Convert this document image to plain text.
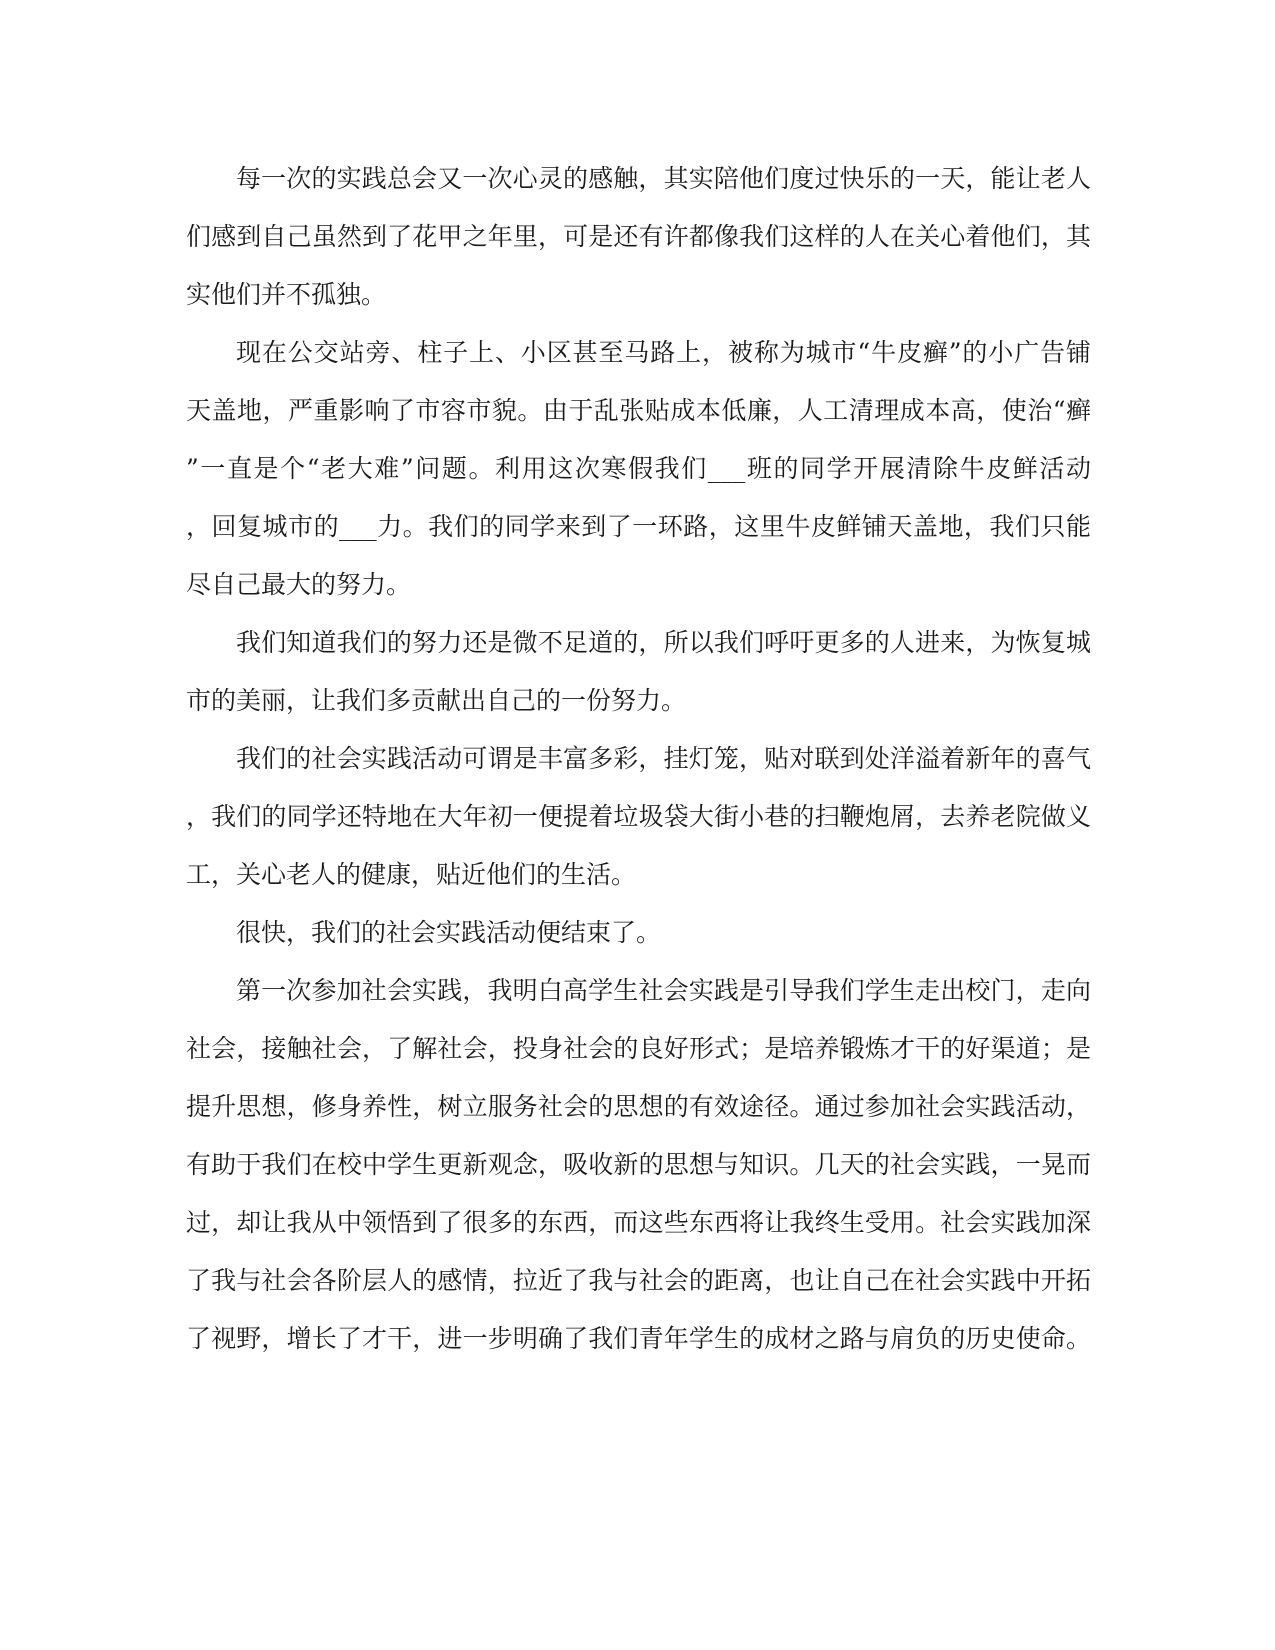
每一次的实践总会又一次心灵的感触，其实陪他们度过快乐的一天，能让老人
们感到自己虽然到了花甲之年里，可是还有许都像我们这样的人在关心着他们，其
实他们并不孤独。
现在公交站旁、柱子上、小区甚至马路上，被称为城市“牛皮癣”的小广告铺
天盖地，严重影响了市容市貌。由于乱张贴成本低廉，人工清理成本高，使治“癣
”一直是个“老大难”问题。利用这次寒假我们___班的同学开展清除牛皮鲜活动
，回复城市的___力。我们的同学来到了一环路，这里牛皮鲜铺天盖地，我们只能
尽自己最大的努力。
我们知道我们的努力还是微不足道的，所以我们呼吁更多的人进来，为恢复城
市的美丽，让我们多贡献出自己的一份努力。
我们的社会实践活动可谓是丰富多彩，挂灯笼，贴对联到处洋溢着新年的喜气
，我们的同学还特地在大年初一便提着垃圾袋大街小巷的扫鞭炮屑，去养老院做义
工，关心老人的健康，贴近他们的生活。
很快，我们的社会实践活动便结束了。
第一次参加社会实践，我明白高学生社会实践是引导我们学生走出校门，走向
社会，接触社会，了解社会，投身社会的良好形式；是培养锻炼才干的好渠道；是
提升思想，修身养性，树立服务社会的思想的有效途径。通过参加社会实践活动，
有助于我们在校中学生更新观念，吸收新的思想与知识。几天的社会实践，一晃而
过，却让我从中领悟到了很多的东西，而这些东西将让我终生受用。社会实践加深
了我与社会各阶层人的感情，拉近了我与社会的距离，也让自己在社会实践中开拓
了视野，增长了才干，进一步明确了我们青年学生的成材之路与肩负的历史使命。
